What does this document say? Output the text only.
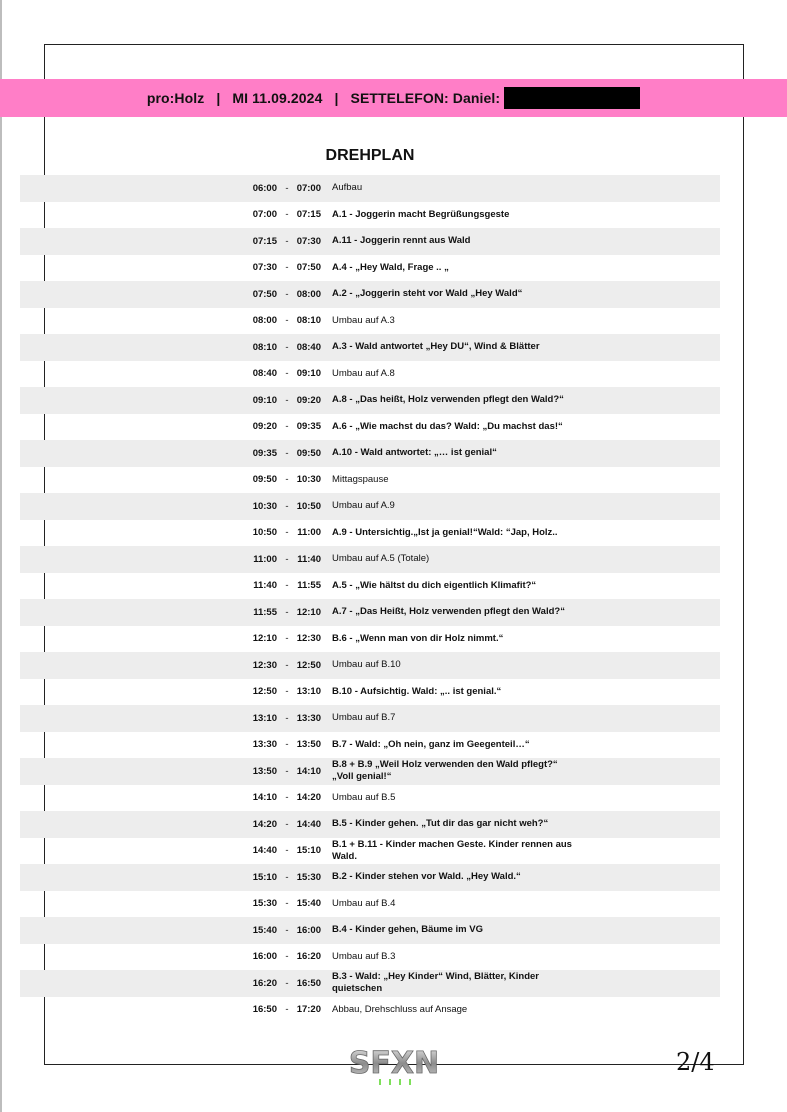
pro:Holz | MI 11.09.2024 | SETTELEFON: Daniel:
DREHPLAN
06:00 - 07:00 Aufbau
07:00 - 07:15 A.1 - Joggerin macht Begrüßungsgeste
07:15 - 07:30 A.11 - Joggerin rennt aus Wald
07:30 - 07:50 A.4 - „Hey Wald, Frage .. „
07:50 - 08:00 A.2 - „Joggerin steht vor Wald „Hey Wald“
08:00 - 08:10 Umbau auf A.3
08:10 - 08:40 A.3 - Wald antwortet „Hey DU“, Wind & Blätter
08:40 - 09:10 Umbau auf A.8
09:10 - 09:20 A.8 - „Das heißt, Holz verwenden pflegt den Wald?“
09:20 - 09:35 A.6 - „Wie machst du das? Wald: „Du machst das!“
09:35 - 09:50 A.10 - Wald antwortet: „… ist genial“
09:50 - 10:30 Mittagspause
10:30 - 10:50 Umbau auf A.9
10:50 - 11:00 A.9 - Untersichtig.„Ist ja genial!“Wald: “Jap, Holz..
11:00 - 11:40 Umbau auf A.5 (Totale)
11:40 - 11:55 A.5 - „Wie hältst du dich eigentlich Klimafit?“
11:55 - 12:10 A.7 - „Das Heißt, Holz verwenden pflegt den Wald?“
12:10 - 12:30 B.6 - „Wenn man von dir Holz nimmt.“
12:30 - 12:50 Umbau auf B.10
12:50 - 13:10 B.10 - Aufsichtig. Wald: „.. ist genial.“
13:10 - 13:30 Umbau auf B.7
13:30 - 13:50 B.7 - Wald: „Oh nein, ganz im Geegenteil…“
13:50 - 14:10
B.8 + B.9 „Weil Holz verwenden den Wald pflegt?“ „Voll genial!“
14:10 - 14:20 Umbau auf B.5
14:20 - 14:40 B.5 - Kinder gehen. „Tut dir das gar nicht weh?“
14:40 - 15:10
B.1 + B.11 - Kinder machen Geste. Kinder rennen aus Wald.
15:10 - 15:30 B.2 - Kinder stehen vor Wald. „Hey Wald.“
15:30 - 15:40 Umbau auf B.4
15:40 - 16:00 B.4 - Kinder gehen, Bäume im VG
16:00 - 16:20 Umbau auf B.3
16:20 - 16:50
B.3 - Wald: „Hey Kinder“ Wind, Blätter, Kinder quietschen
16:50 - 17:20 Abbau, Drehschluss auf Ansage
SFXN	2/4
